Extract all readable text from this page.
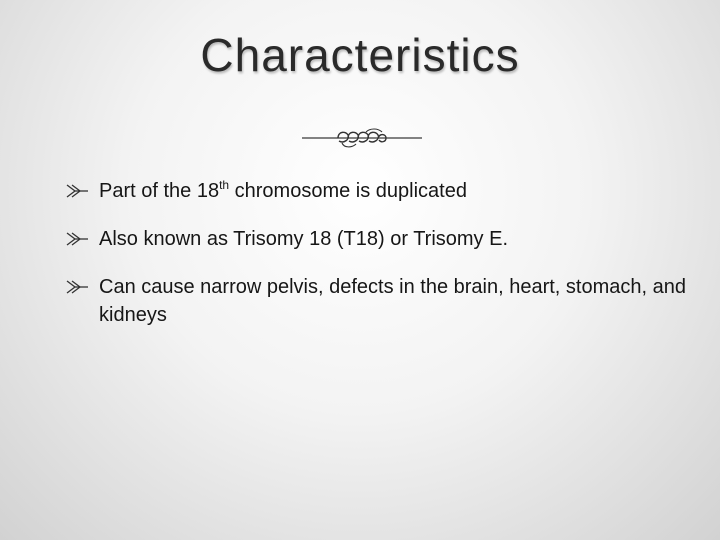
Characteristics
Part of the 18th chromosome is duplicated
Also known as Trisomy 18 (T18) or Trisomy E.
Can cause narrow pelvis, defects in the brain, heart, stomach, and kidneys
